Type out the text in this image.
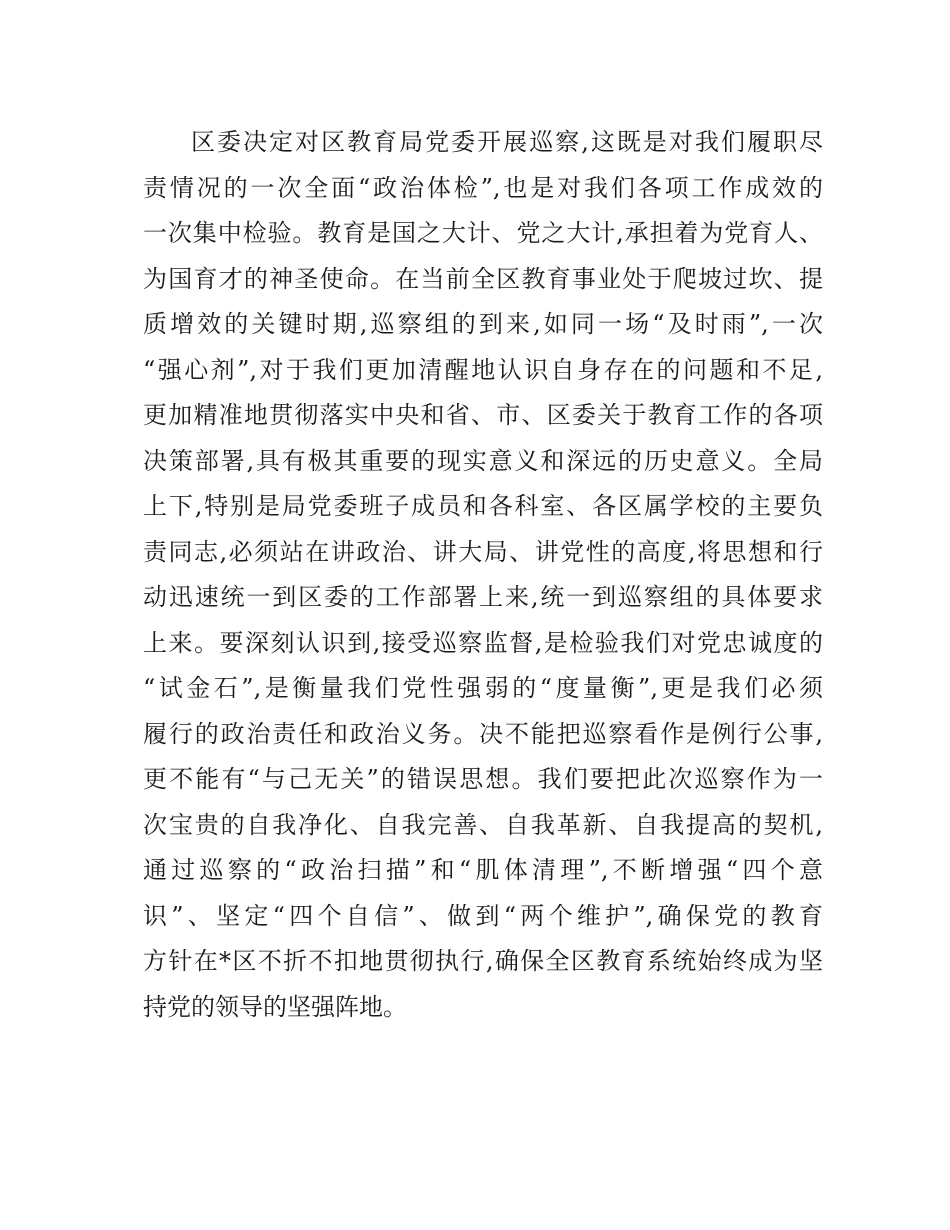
区委决定对区教育局党委开展巡察,这既是对我们履职尽
责情况的一次全面“政治体检”,也是对我们各项工作成效的
一次集中检验。教育是国之大计、党之大计,承担着为党育人、
为国育才的神圣使命。在当前全区教育事业处于爬坡过坎、提
质增效的关键时期,巡察组的到来,如同一场“及时雨”,一次
“强心剂”,对于我们更加清醒地认识自身存在的问题和不足,
更加精准地贯彻落实中央和省、市、区委关于教育工作的各项
决策部署,具有极其重要的现实意义和深远的历史意义。全局
上下,特别是局党委班子成员和各科室、各区属学校的主要负
责同志,必须站在讲政治、讲大局、讲党性的高度,将思想和行
动迅速统一到区委的工作部署上来,统一到巡察组的具体要求
上来。要深刻认识到,接受巡察监督,是检验我们对党忠诚度的
“试金石”,是衡量我们党性强弱的“度量衡”,更是我们必须
履行的政治责任和政治义务。决不能把巡察看作是例行公事,
更不能有“与己无关”的错误思想。我们要把此次巡察作为一
次宝贵的自我净化、自我完善、自我革新、自我提高的契机,
通过巡察的“政治扫描”和“肌体清理”,不断增强“四个意
识”、坚定“四个自信”、做到“两个维护”,确保党的教育
方针在*区不折不扣地贯彻执行,确保全区教育系统始终成为坚
持党的领导的坚强阵地。
